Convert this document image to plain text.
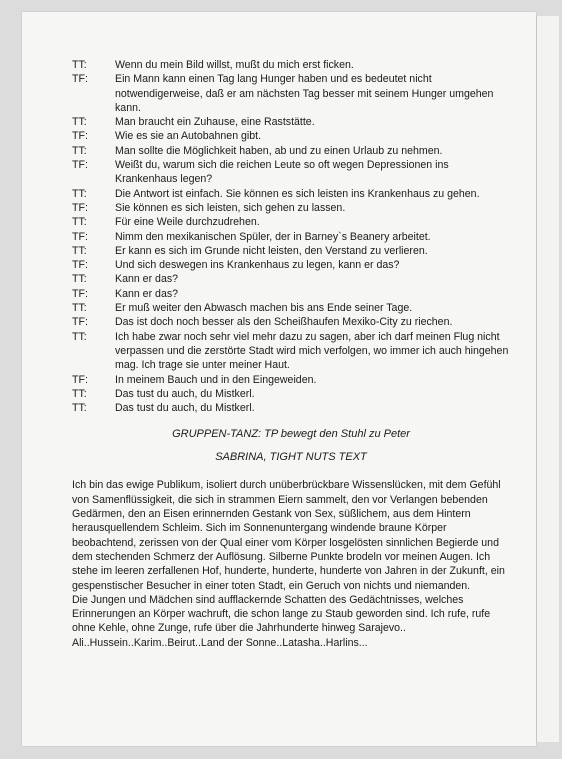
TT:	Wenn du mein Bild willst, mußt du mich erst ficken.
TF:	Ein Mann kann einen Tag lang Hunger haben und es bedeutet nicht notwendigerweise, daß er am nächsten Tag besser mit seinem Hunger umgehen kann.
TT:	Man braucht ein Zuhause, eine Raststätte.
TF:	Wie es sie an Autobahnen gibt.
TT:	Man sollte die Möglichkeit haben, ab und zu einen Urlaub zu nehmen.
TF:	Weißt du, warum sich die reichen Leute so oft wegen Depressionen ins Krankenhaus legen?
TT:	Die Antwort ist einfach. Sie können es sich leisten ins Krankenhaus zu gehen.
TF:	Sie können es sich leisten, sich gehen zu lassen.
TT:	Für eine Weile durchzudrehen.
TF:	Nimm den mexikanischen Spüler, der in Barney`s Beanery arbeitet.
TT:	Er kann es sich im Grunde nicht leisten, den Verstand zu verlieren.
TF:	Und sich deswegen ins Krankenhaus zu legen, kann er das?
TT:	Kann er das?
TF:	Kann er das?
TT:	Er muß weiter den Abwasch machen bis ans Ende seiner Tage.
TF:	Das ist doch noch besser als den Scheißhaufen Mexiko-City zu riechen.
TT:	Ich habe zwar noch sehr viel mehr dazu zu sagen, aber ich darf meinen Flug nicht verpassen und die zerstörte Stadt wird mich verfolgen, wo immer ich auch hingehen mag. Ich trage sie unter meiner Haut.
TF:	In meinem Bauch und in den Eingeweiden.
TT:	Das tust du auch, du Mistkerl.
TT:	Das tust du auch, du Mistkerl.
GRUPPEN-TANZ: TP bewegt den Stuhl zu Peter
SABRINA, TIGHT NUTS TEXT

Ich bin das ewige Publikum, isoliert durch unüberbrückbare Wissenslücken, mit dem Gefühl von Samenflüssigkeit, die sich in strammen Eiern sammelt, den vor Verlangen bebenden Gedärmen, den an Eisen erinnernden Gestank von Sex, süßlichem, aus dem Hintern herausquellendem Schleim. Sich im Sonnenuntergang windende braune Körper beobachtend, zerissen von der Qual einer vom Körper losgelösten sinnlichen Begierde und dem stechenden Schmerz der Auflösung. Silberne Punkte brodeln vor meinen Augen. Ich stehe im leeren zerfallenen Hof, hunderte, hunderte, hunderte von Jahren in der Zukunft, ein gespenstischer Besucher in einer toten Stadt, ein Geruch von nichts und niemanden.

Die Jungen und Mädchen sind aufflackernde Schatten des Gedächtnisses, welches Erinnerungen an Körper wachruft, die schon lange zu Staub geworden sind. Ich rufe, rufe ohne Kehle, ohne Zunge, rufe über die Jahrhunderte hinweg Sarajevo.. Ali..Hussein..Karim..Beirut..Land der Sonne..Latasha..Harlins...
